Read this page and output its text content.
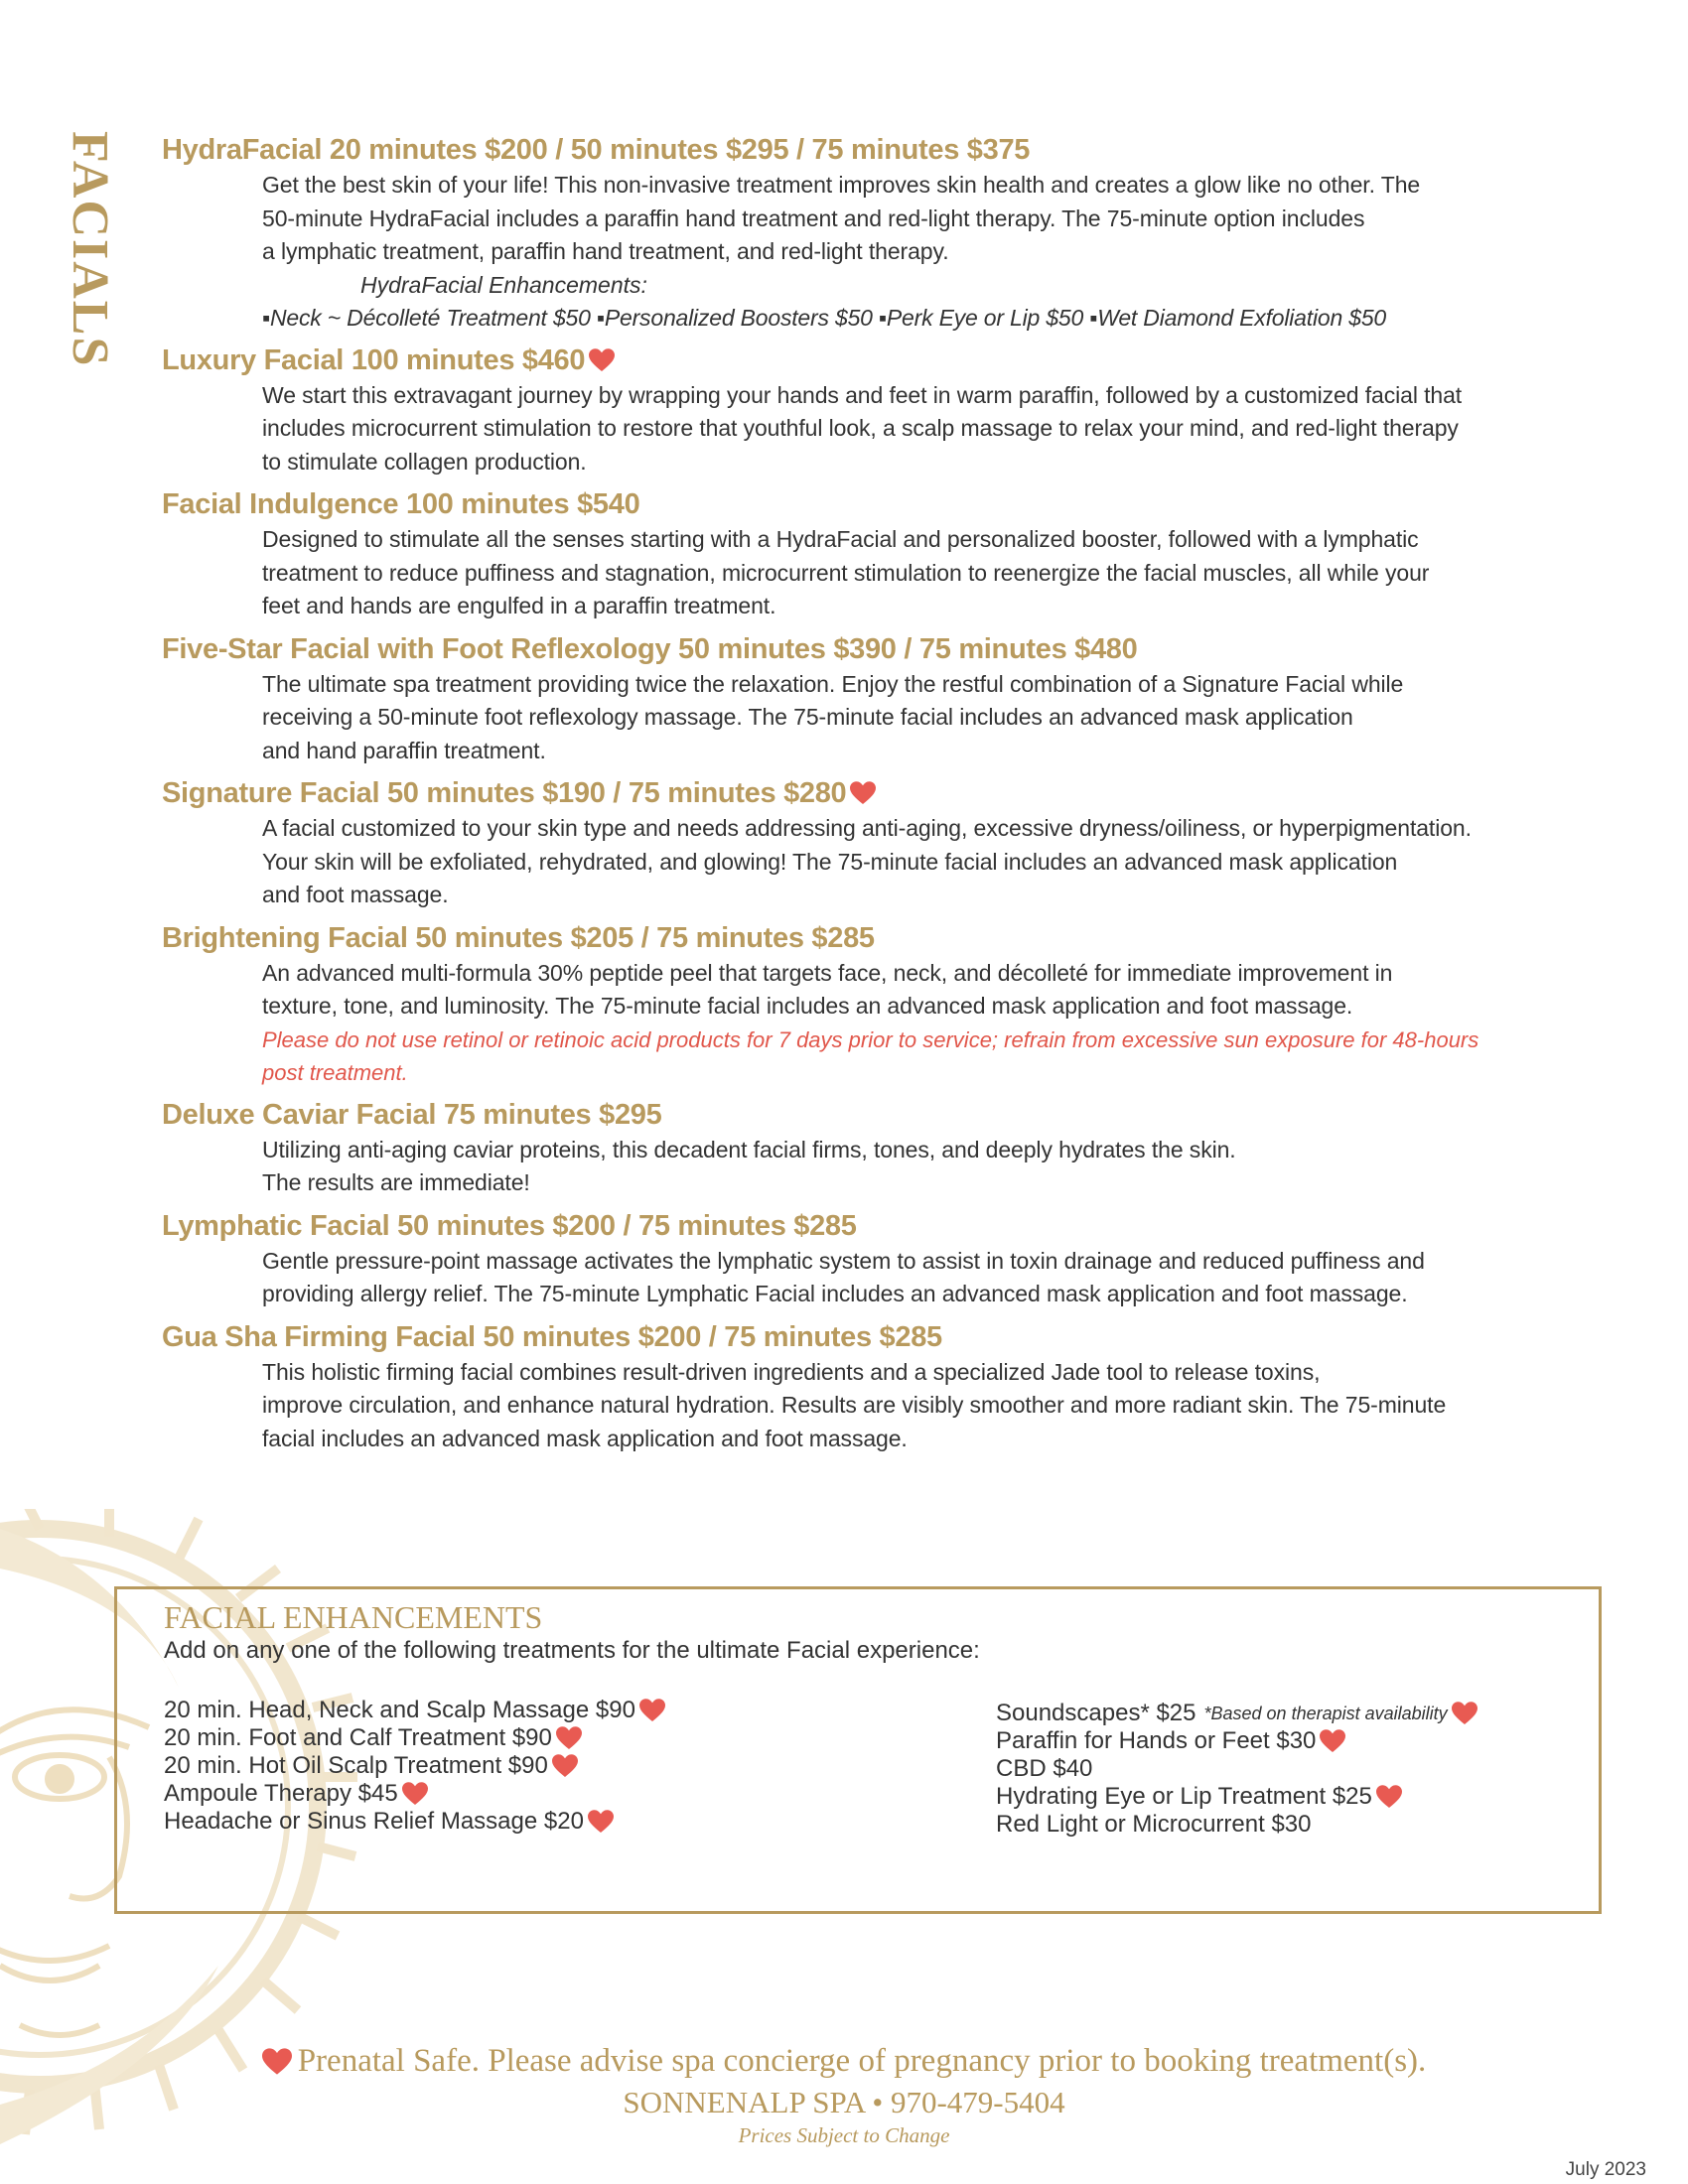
FACIALS HydraFacial 20 minutes $200 / 50 minutes $295 / 75 minutes $375
Get the best skin of your life! This non-invasive treatment improves skin health and creates a glow like no other. The
50-minute HydraFacial includes a paraffin hand treatment and red-light therapy. The 75-minute option includes
a lymphatic treatment, paraffin hand treatment, and red-light therapy.
HydraFacial Enhancements:
▪Neck ~ Décolleté Treatment $50 ▪Personalized Boosters $50 ▪Perk Eye or Lip $50 ▪Wet Diamond Exfoliation $50
Luxury Facial 100 minutes $460
We start this extravagant journey by wrapping your hands and feet in warm paraffin, followed by a customized facial that
includes microcurrent stimulation to restore that youthful look, a scalp massage to relax your mind, and red-light therapy
to stimulate collagen production.
Facial Indulgence 100 minutes $540
Designed to stimulate all the senses starting with a HydraFacial and personalized booster, followed with a lymphatic
treatment to reduce puffiness and stagnation, microcurrent stimulation to reenergize the facial muscles, all while your
feet and hands are engulfed in a paraffin treatment.
Five-Star Facial with Foot Reflexology 50 minutes $390 / 75 minutes $480
The ultimate spa treatment providing twice the relaxation. Enjoy the restful combination of a Signature Facial while
receiving a 50-minute foot reflexology massage. The 75-minute facial includes an advanced mask application
and hand paraffin treatment.
Signature Facial 50 minutes $190 / 75 minutes $280
A facial customized to your skin type and needs addressing anti-aging, excessive dryness/oiliness, or hyperpigmentation.
Your skin will be exfoliated, rehydrated, and glowing! The 75-minute facial includes an advanced mask application
and foot massage.
Brightening Facial 50 minutes $205 / 75 minutes $285
An advanced multi-formula 30% peptide peel that targets face, neck, and décolleté for immediate improvement in
texture, tone, and luminosity. The 75-minute facial includes an advanced mask application and foot massage.
Please do not use retinol or retinoic acid products for 7 days prior to service; refrain from excessive sun exposure for 48-hours
post treatment.
Deluxe Caviar Facial 75 minutes $295
Utilizing anti-aging caviar proteins, this decadent facial firms, tones, and deeply hydrates the skin.
The results are immediate!
Lymphatic Facial 50 minutes $200 / 75 minutes $285
Gentle pressure-point massage activates the lymphatic system to assist in toxin drainage and reduced puffiness and
providing allergy relief. The 75-minute Lymphatic Facial includes an advanced mask application and foot massage.
Gua Sha Firming Facial 50 minutes $200 / 75 minutes $285
This holistic firming facial combines result-driven ingredients and a specialized Jade tool to release toxins,
improve circulation, and enhance natural hydration. Results are visibly smoother and more radiant skin. The 75-minute
facial includes an advanced mask application and foot massage.
FACIAL ENHANCEMENTS
Add on any one of the following treatments for the ultimate Facial experience:
20 min. Head, Neck and Scalp Massage $90
20 min. Foot and Calf Treatment $90
20 min. Hot Oil Scalp Treatment $90
Ampoule Therapy $45
Headache or Sinus Relief Massage $20
Soundscapes* $25 *Based on therapist availability
Paraffin for Hands or Feet $30
CBD $40
Hydrating Eye or Lip Treatment $25
Red Light or Microcurrent $30
Prenatal Safe. Please advise spa concierge of pregnancy prior to booking treatment(s).
SONNENALP SPA • 970-479-5404
Prices Subject to Change
July 2023
